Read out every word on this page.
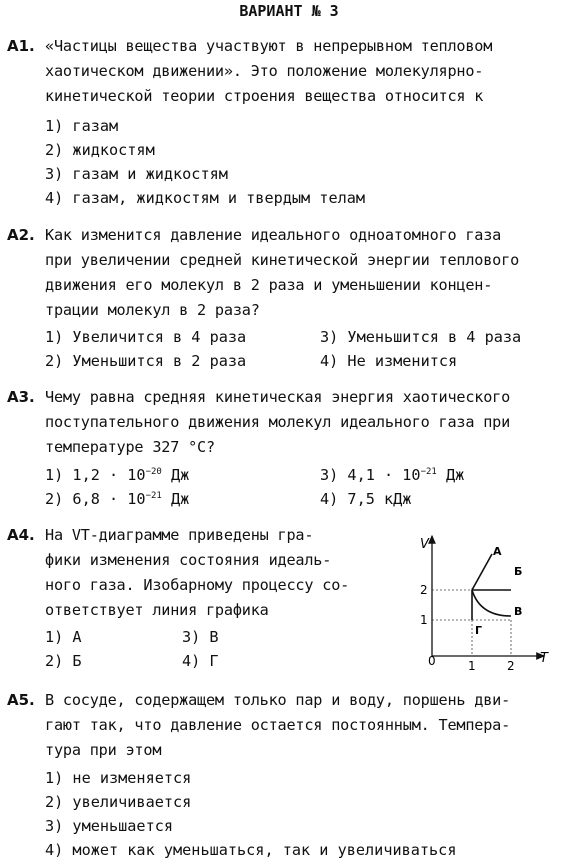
ВАРИАНТ № 3
А1. «Частицы вещества участвуют в непрерывном тепловом
хаотическом движении». Это положение молекулярно-
кинетической теории строения вещества относится к
1) газам
2) жидкостям
3) газам и жидкостям
4) газам, жидкостям и твердым телам
А2. Как изменится давление идеального одноатомного газа
при увеличении средней кинетической энергии теплового
движения его молекул в 2 раза и уменьшении концен-
трации молекул в 2 раза?
1) Увеличится в 4 раза	3) Уменьшится в 4 раза
2) Уменьшится в 2 раза	4) Не изменится
А3. Чему равна средняя кинетическая энергия хаотического
поступательного движения молекул идеального газа при
температуре 327 °С?
1) $1,2 \cdot 10^{-20}$ Дж	3) $4,1 \cdot 10^{-21}$ Дж
2) $6,8 \cdot 10^{-21}$ Дж	4) 7,5 кДж
А4. На VT-диаграмме приведены гра-
фики изменения состояния идеаль-
ного газа. Изобарному процессу со-
ответствует линия графика
1) А	3) В
2) Б	4) Г
V
T
0
1
2
1	2
А
Б
В
Г
А5. В сосуде, содержащем только пар и воду, поршень дви-
гают так, что давление остается постоянным. Темпера-
тура при этом
1) не изменяется
2) увеличивается
3) уменьшается
4) может как уменьшаться, так и увеличиваться
